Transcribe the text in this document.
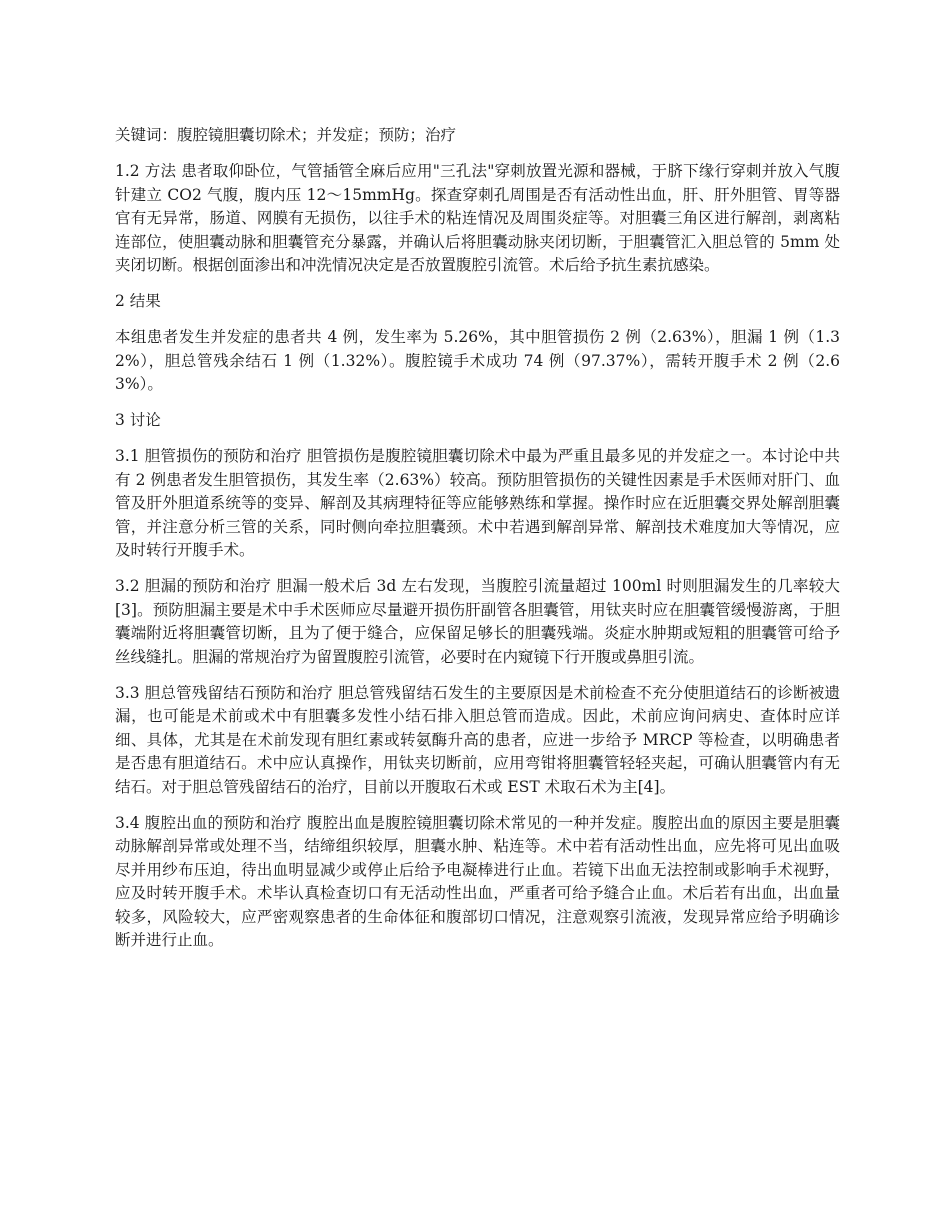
关键词：腹腔镜胆囊切除术；并发症；预防；治疗

1.2 方法 患者取仰卧位，气管插管全麻后应用"三孔法"穿刺放置光源和器械，于脐下缘行穿刺并放入气腹针建立 CO2 气腹，腹内压 12～15mmHg。探查穿刺孔周围是否有活动性出血，肝、肝外胆管、胃等器官有无异常，肠道、网膜有无损伤，以往手术的粘连情况及周围炎症等。对胆囊三角区进行解剖，剥离粘连部位，使胆囊动脉和胆囊管充分暴露，并确认后将胆囊动脉夹闭切断，于胆囊管汇入胆总管的 5mm 处夹闭切断。根据创面渗出和冲洗情况决定是否放置腹腔引流管。术后给予抗生素抗感染。

2 结果

本组患者发生并发症的患者共 4 例，发生率为 5.26%，其中胆管损伤 2 例（2.63%），胆漏 1 例（1.32%），胆总管残余结石 1 例（1.32%）。腹腔镜手术成功 74 例（97.37%），需转开腹手术 2 例（2.63%）。

3 讨论

3.1 胆管损伤的预防和治疗 胆管损伤是腹腔镜胆囊切除术中最为严重且最多见的并发症之一。本讨论中共有 2 例患者发生胆管损伤，其发生率（2.63%）较高。预防胆管损伤的关键性因素是手术医师对肝门、血管及肝外胆道系统等的变异、解剖及其病理特征等应能够熟练和掌握。操作时应在近胆囊交界处解剖胆囊管，并注意分析三管的关系，同时侧向牵拉胆囊颈。术中若遇到解剖异常、解剖技术难度加大等情况，应及时转行开腹手术。

3.2 胆漏的预防和治疗 胆漏一般术后 3d 左右发现，当腹腔引流量超过 100ml 时则胆漏发生的几率较大[3]。预防胆漏主要是术中手术医师应尽量避开损伤肝副管各胆囊管，用钛夹时应在胆囊管缓慢游离，于胆囊端附近将胆囊管切断，且为了便于缝合，应保留足够长的胆囊残端。炎症水肿期或短粗的胆囊管可给予丝线缝扎。胆漏的常规治疗为留置腹腔引流管，必要时在内窥镜下行开腹或鼻胆引流。

3.3 胆总管残留结石预防和治疗 胆总管残留结石发生的主要原因是术前检查不充分使胆道结石的诊断被遗漏，也可能是术前或术中有胆囊多发性小结石排入胆总管而造成。因此，术前应询问病史、查体时应详细、具体，尤其是在术前发现有胆红素或转氨酶升高的患者，应进一步给予 MRCP 等检查，以明确患者是否患有胆道结石。术中应认真操作，用钛夹切断前，应用弯钳将胆囊管轻轻夹起，可确认胆囊管内有无结石。对于胆总管残留结石的治疗，目前以开腹取石术或 EST 术取石术为主[4]。

3.4 腹腔出血的预防和治疗 腹腔出血是腹腔镜胆囊切除术常见的一种并发症。腹腔出血的原因主要是胆囊动脉解剖异常或处理不当，结缔组织较厚，胆囊水肿、粘连等。术中若有活动性出血，应先将可见出血吸尽并用纱布压迫，待出血明显减少或停止后给予电凝棒进行止血。若镜下出血无法控制或影响手术视野，应及时转开腹手术。术毕认真检查切口有无活动性出血，严重者可给予缝合止血。术后若有出血，出血量较多，风险较大，应严密观察患者的生命体征和腹部切口情况，注意观察引流液，发现异常应给予明确诊断并进行止血。
